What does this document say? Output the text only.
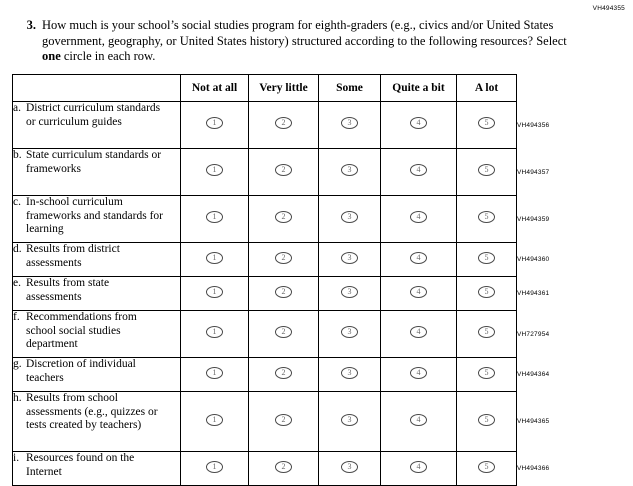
VH494355
3. How much is your school’s social studies program for eighth-graders (e.g., civics and/or United States government, geography, or United States history) structured according to the following resources? Select one circle in each row.
	Not at all	Very little	Some	Quite a bit	A lot	
a. District curriculum standards or curriculum guides	1	2	3	4	5	VH494356
b. State curriculum standards or frameworks	1	2	3	4	5	VH494357
c. In-school curriculum frameworks and standards for learning	1	2	3	4	5	VH494359
d. Results from district assessments	1	2	3	4	5	VH494360
e. Results from state assessments	1	2	3	4	5	VH494361
f. Recommendations from school social studies department	1	2	3	4	5	VH727954
g. Discretion of individual teachers	1	2	3	4	5	VH494364
h. Results from school assessments (e.g., quizzes or tests created by teachers)	1	2	3	4	5	VH494365
i. Resources found on the Internet	1	2	3	4	5	VH494366
